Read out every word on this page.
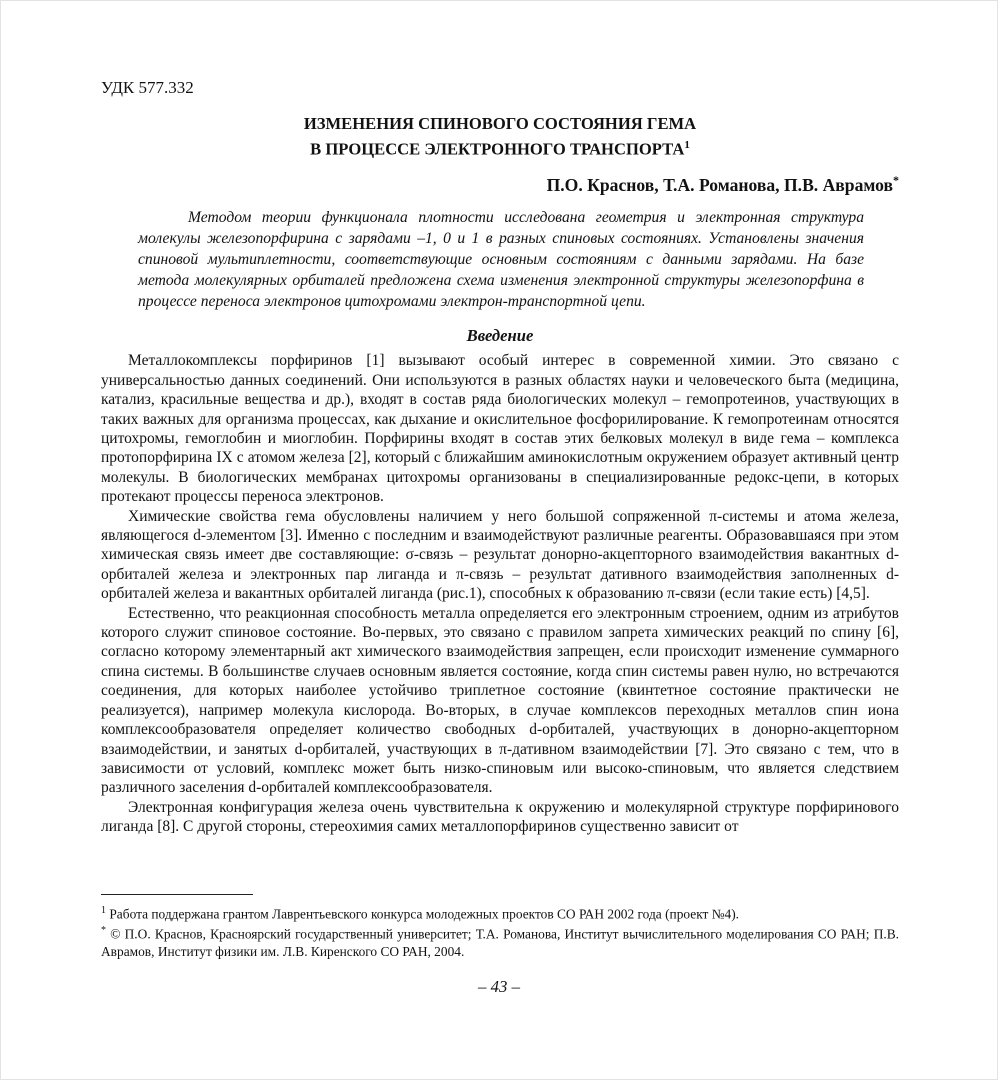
УДК 577.332
ИЗМЕНЕНИЯ СПИНОВОГО СОСТОЯНИЯ ГЕМА
В ПРОЦЕССЕ ЭЛЕКТРОННОГО ТРАНСПОРТА$^1$
П.О. Краснов, Т.А. Романова, П.В. Аврамов*

Методом теории функционала плотности исследована геометрия и электронная структура молекулы железопорфирина с зарядами –1, 0 и 1 в разных спиновых состояниях. Установлены значения спиновой мультиплетности, соответствующие основным состояниям с данными зарядами. На базе метода молекулярных орбиталей предложена схема изменения электронной структуры железопорфина в процессе переноса электронов цитохромами электрон-транспортной цепи.

Введение

Металлокомплексы порфиринов [1] вызывают особый интерес в современной химии. Это связано с универсальностью данных соединений. Они используются в разных областях науки и человеческого быта (медицина, катализ, красильные вещества и др.), входят в состав ряда биологических молекул – гемопротеинов, участвующих в таких важных для организма процессах, как дыхание и окислительное фосфорилирование. К гемопротеинам относятся цитохромы, гемоглобин и миоглобин. Порфирины входят в состав этих белковых молекул в виде гема – комплекса протопорфирина IX с атомом железа [2], который с ближайшим аминокислотным окружением образует активный центр молекулы. В биологических мембранах цитохромы организованы в специализированные редокс-цепи, в которых протекают процессы переноса электронов.

Химические свойства гема обусловлены наличием у него большой сопряженной π-системы и атома железа, являющегося d-элементом [3]. Именно с последним и взаимодействуют различные реагенты. Образовавшаяся при этом химическая связь имеет две составляющие: σ-связь – результат донорно-акцепторного взаимодействия вакантных d-орбиталей железа и электронных пар лиганда и π-связь – результат дативного взаимодействия заполненных d-орбиталей железа и вакантных орбиталей лиганда (рис.1), способных к образованию π-связи (если такие есть) [4,5].

Естественно, что реакционная способность металла определяется его электронным строением, одним из атрибутов которого служит спиновое состояние. Во-первых, это связано с правилом запрета химических реакций по спину [6], согласно которому элементарный акт химического взаимодействия запрещен, если происходит изменение суммарного спина системы. В большинстве случаев основным является состояние, когда спин системы равен нулю, но встречаются соединения, для которых наиболее устойчиво триплетное состояние (квинтетное состояние практически не реализуется), например молекула кислорода. Во-вторых, в случае комплексов переходных металлов спин иона комплексообразователя определяет количество свободных d-орбиталей, участвующих в донорно-акцепторном взаимодействии, и занятых d-орбиталей, участвующих в π-дативном взаимодействии [7]. Это связано с тем, что в зависимости от условий, комплекс может быть низко-спиновым или высоко-спиновым, что является следствием различного заселения d-орбиталей комплексообразователя.

Электронная конфигурация железа очень чувствительна к окружению и молекулярной структуре порфиринового лиганда [8]. С другой стороны, стереохимия самих металлопорфиринов существенно зависит от

$^1$ Работа поддержана грантом Лаврентьевского конкурса молодежных проектов СО РАН 2002 года (проект №4).

* © П.О. Краснов, Красноярский государственный университет; Т.А. Романова, Институт вычислительного моделирования СО РАН; П.В. Аврамов, Институт физики им. Л.В. Киренского СО РАН, 2004.

– 43 –
